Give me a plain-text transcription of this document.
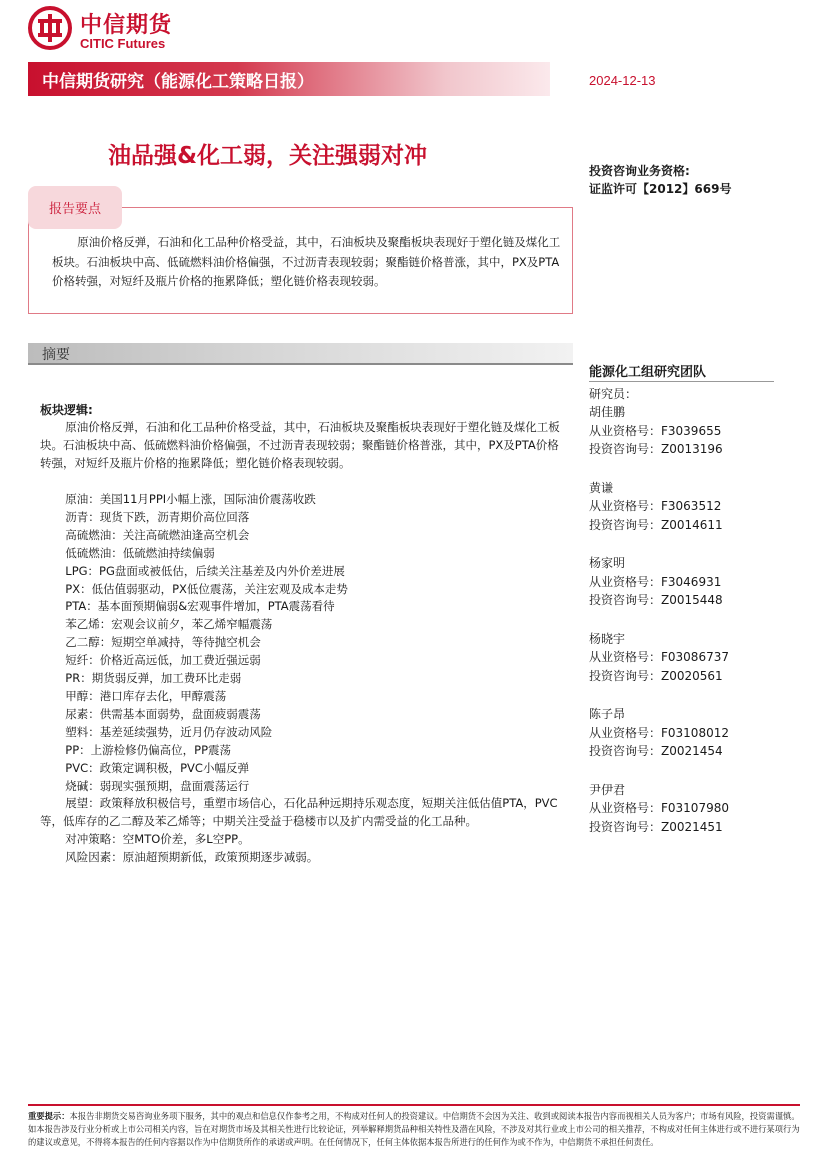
中信期货
CITIC Futures
中信期货研究（能源化工策略日报）	2024-12-13
油品强&化工弱，关注强弱对冲
投资咨询业务资格:
证监许可【2012】669号
报告要点
原油价格反弹，石油和化工品种价格受益，其中，石油板块及聚酯板块表现好于塑化链及煤化工板块。石油板块中高、低硫燃料油价格偏强，不过沥青表现较弱；聚酯链价格普涨，其中，PX及PTA价格转强，对短纤及瓶片价格的拖累降低；塑化链价格表现较弱。
摘要
能源化工组研究团队
研究员：
胡佳鹏
从业资格号：F3039655
投资咨询号：Z0013196
黄谦
从业资格号：F3063512
投资咨询号：Z0014611
杨家明
从业资格号：F3046931
投资咨询号：Z0015448
杨晓宇
从业资格号：F03086737
投资咨询号：Z0020561
陈子昂
从业资格号：F03108012
投资咨询号：Z0021454
尹伊君
从业资格号：F03107980
投资咨询号：Z0021451
板块逻辑:
原油价格反弹，石油和化工品种价格受益，其中，石油板块及聚酯板块表现好于塑化链及煤化工板块。石油板块中高、低硫燃料油价格偏强，不过沥青表现较弱；聚酯链价格普涨，其中，PX及PTA价格转强，对短纤及瓶片价格的拖累降低；塑化链价格表现较弱。
原油：美国11月PPI小幅上涨，国际油价震荡收跌
沥青：现货下跌，沥青期价高位回落
高硫燃油：关注高硫燃油逢高空机会
低硫燃油：低硫燃油持续偏弱
LPG：PG盘面或被低估，后续关注基差及内外价差进展
PX：低估值弱驱动，PX低位震荡，关注宏观及成本走势
PTA：基本面预期偏弱&宏观事件增加，PTA震荡看待
苯乙烯：宏观会议前夕，苯乙烯窄幅震荡
乙二醇：短期空单减持，等待抛空机会
短纤：价格近高远低，加工费近强远弱
PR：期货弱反弹，加工费环比走弱
甲醇：港口库存去化，甲醇震荡
尿素：供需基本面弱势，盘面疲弱震荡
塑料：基差延续强势，近月仍存波动风险
PP：上游检修仍偏高位，PP震荡
PVC：政策定调积极，PVC小幅反弹
烧碱：弱现实强预期，盘面震荡运行
展望：政策释放积极信号，重塑市场信心，石化品种远期持乐观态度，短期关注低估值PTA，PVC等，低库存的乙二醇及苯乙烯等；中期关注受益于稳楼市以及扩内需受益的化工品种。
对冲策略：空MTO价差，多L空PP。
风险因素：原油超预期新低，政策预期逐步减弱。
重要提示：本报告非期货交易咨询业务项下服务，其中的观点和信息仅作参考之用，不构成对任何人的投资建议。中信期货不会因为关注、收到或阅读本报告内容而视相关人员为客户；市场有风险，投资需谨慎。如本报告涉及行业分析或上市公司相关内容，旨在对期货市场及其相关性进行比较论证，列举解释期货品种相关特性及潜在风险，不涉及对其行业或上市公司的相关推荐，不构成对任何主体进行或不进行某项行为的建议或意见，不得将本报告的任何内容据以作为中信期货所作的承诺或声明。在任何情况下，任何主体依据本报告所进行的任何作为或不作为，中信期货不承担任何责任。
